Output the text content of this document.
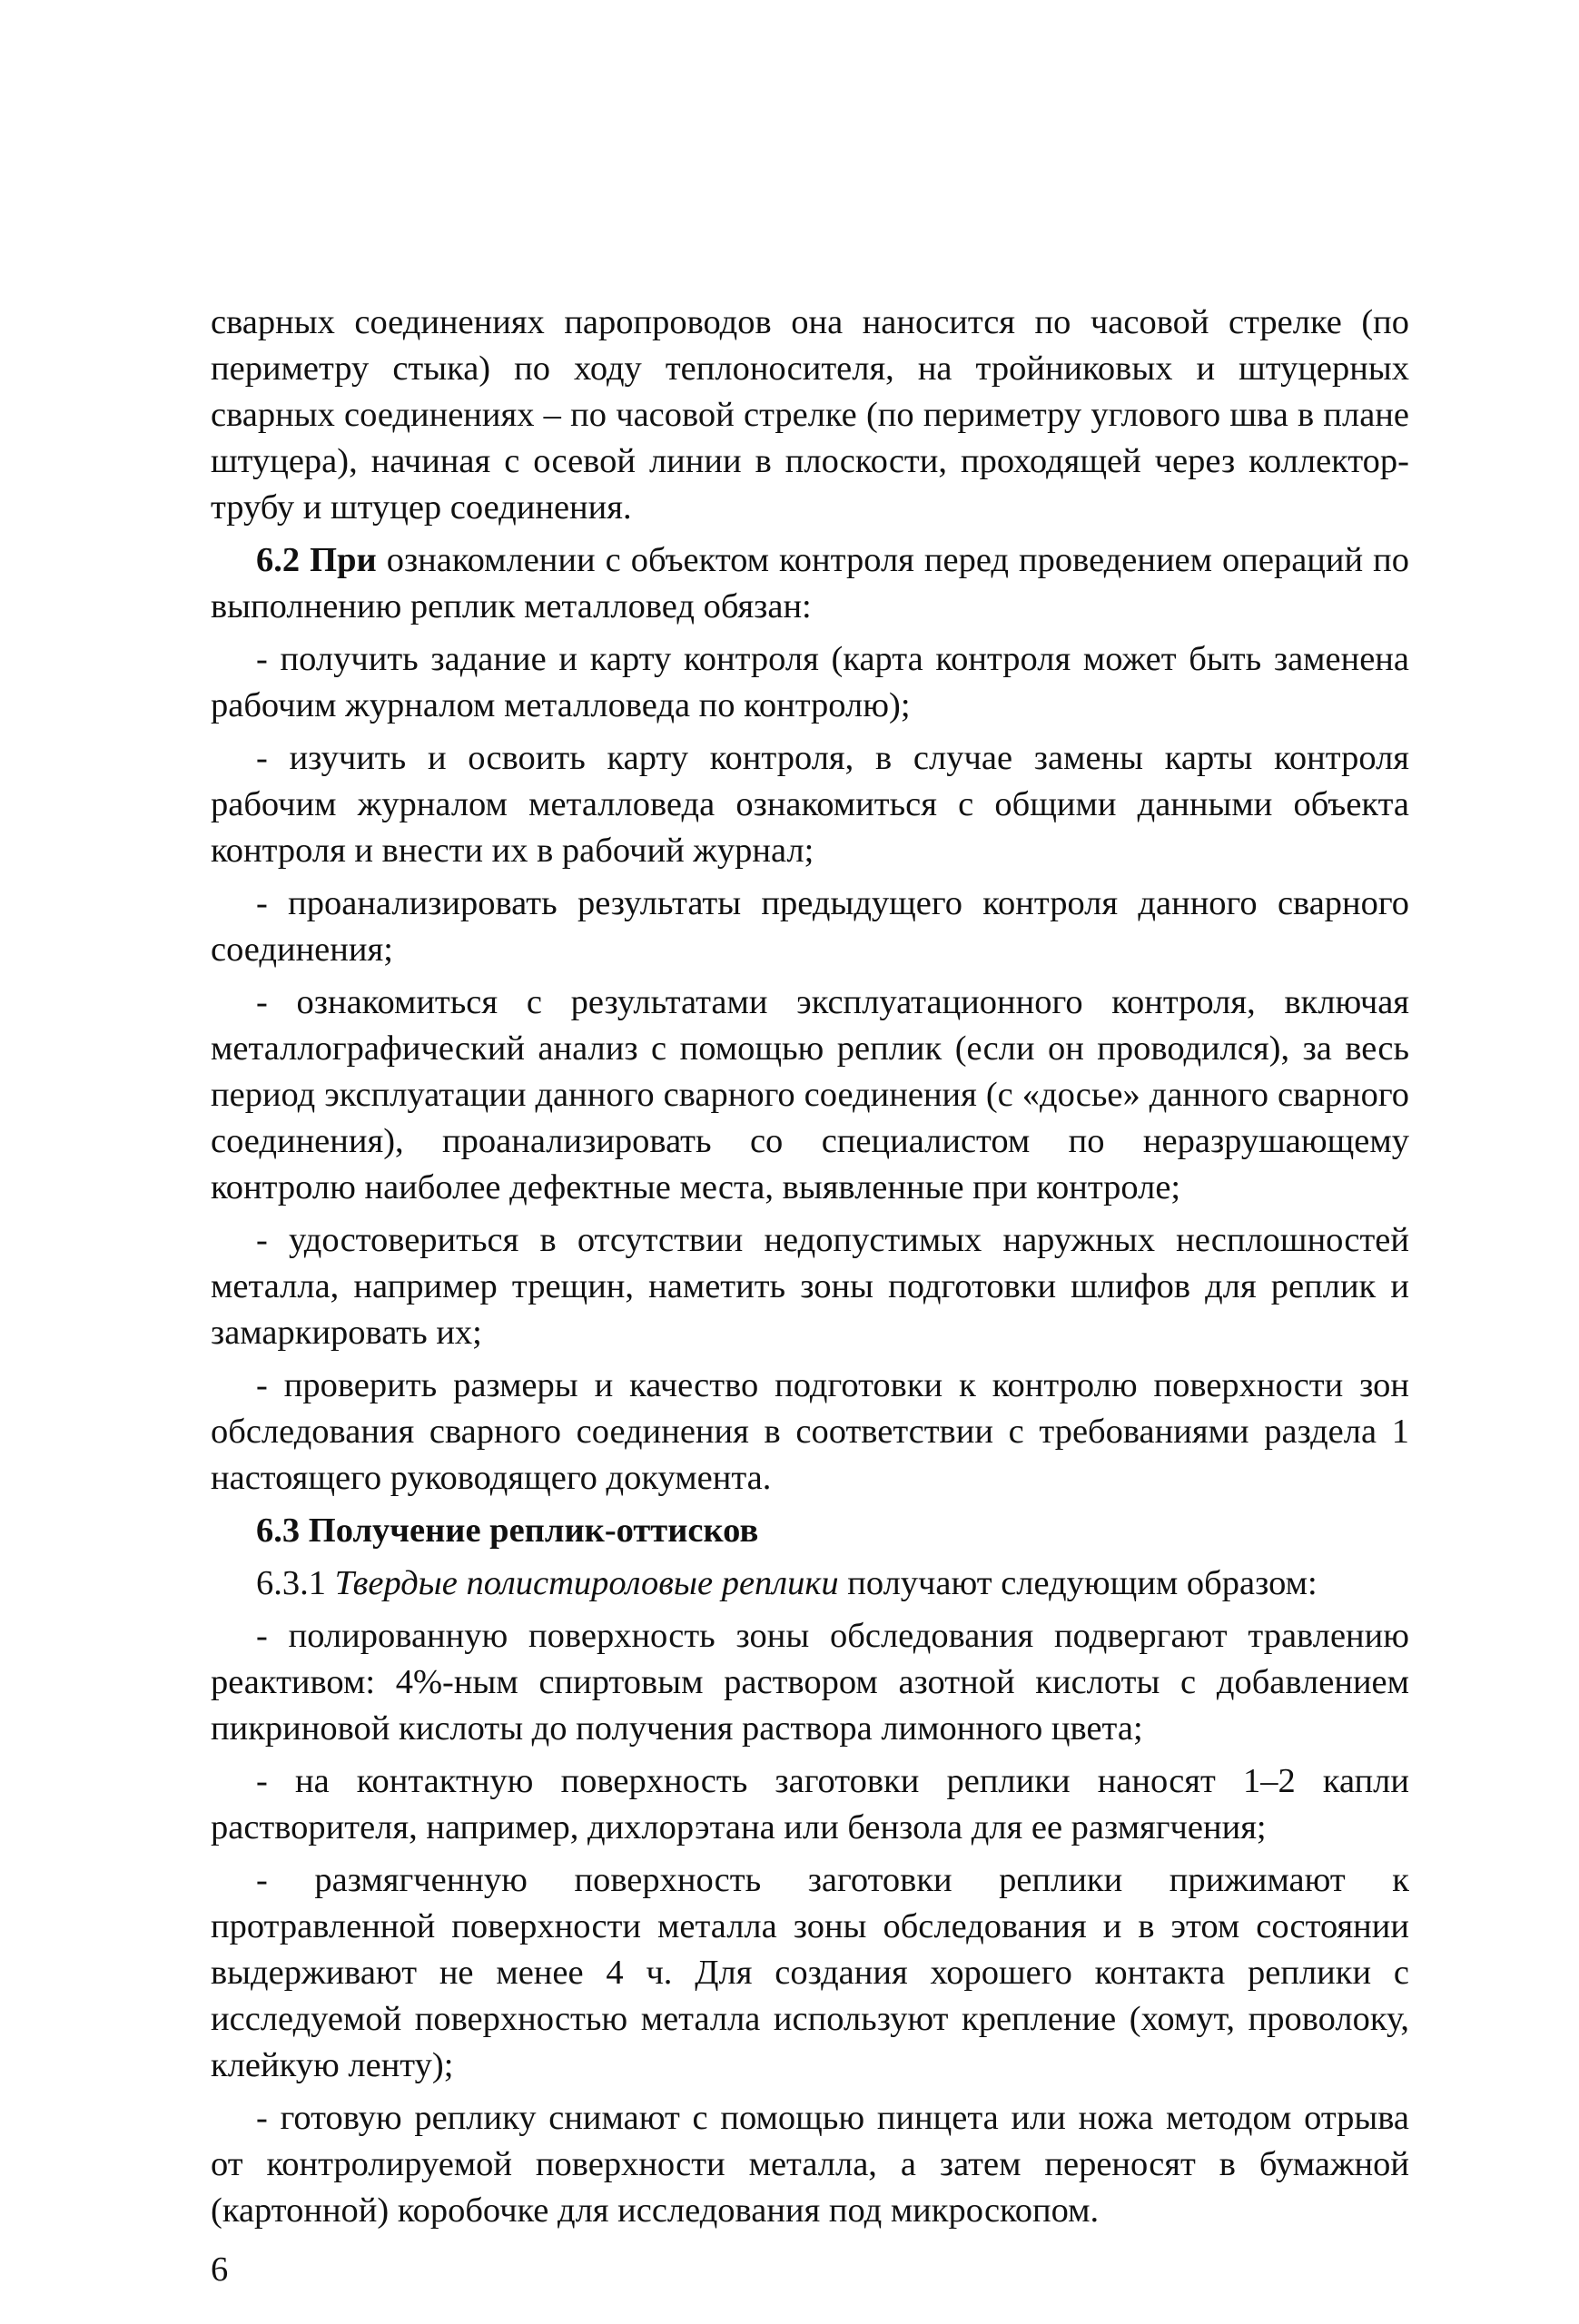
сварных соединениях паропроводов она наносится по часовой стрелке (по периметру стыка) по ходу теплоносителя, на тройниковых и штуцерных сварных соединениях – по часовой стрелке (по периметру углового шва в плане штуцера), начиная с осевой линии в плоскости, проходящей через коллектор-трубу и штуцер соединения.

6.2 При ознакомлении с объектом контроля перед проведением операций по выполнению реплик металловед обязан:

- получить задание и карту контроля (карта контроля может быть заменена рабочим журналом металловеда по контролю);

- изучить и освоить карту контроля, в случае замены карты контроля рабочим журналом металловеда ознакомиться с общими данными объекта контроля и внести их в рабочий журнал;

- проанализировать результаты предыдущего контроля данного сварного соединения;

- ознакомиться с результатами эксплуатационного контроля, включая металлографический анализ с помощью реплик (если он проводился), за весь период эксплуатации данного сварного соединения (с «досье» данного сварного соединения), проанализировать со специалистом по неразрушающему контролю наиболее дефектные места, выявленные при контроле;

- удостовериться в отсутствии недопустимых наружных несплошностей металла, например трещин, наметить зоны подготовки шлифов для реплик и замаркировать их;

- проверить размеры и качество подготовки к контролю поверхности зон обследования сварного соединения в соответствии с требованиями раздела 1 настоящего руководящего документа.

6.3 Получение реплик-оттисков

6.3.1 Твердые полистироловые реплики получают следующим образом:

- полированную поверхность зоны обследования подвергают травлению реактивом: 4%-ным спиртовым раствором азотной кислоты с добавлением пикриновой кислоты до получения раствора лимонного цвета;

- на контактную поверхность заготовки реплики наносят 1–2 капли растворителя, например, дихлорэтана или бензола для ее размягчения;

- размягченную поверхность заготовки реплики прижимают к протравленной поверхности металла зоны обследования и в этом состоянии выдерживают не менее 4 ч. Для создания хорошего контакта реплики с исследуемой поверхностью металла используют крепление (хомут, проволоку, клейкую ленту);

- готовую реплику снимают с помощью пинцета или ножа методом отрыва от контролируемой поверхности металла, а затем переносят в бумажной (картонной) коробочке для исследования под микроскопом.

6
